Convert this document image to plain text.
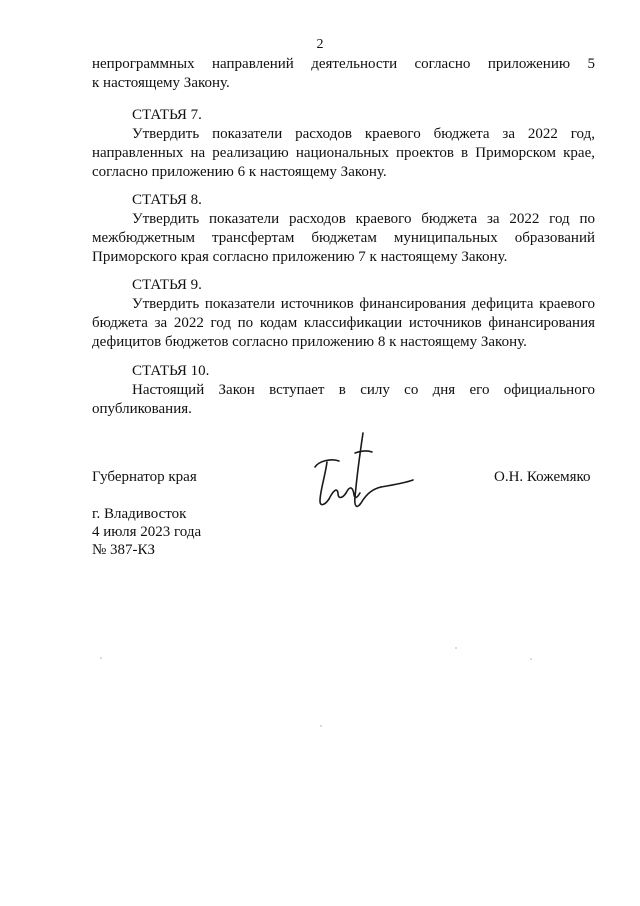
2
непрограммных направлений деятельности согласно приложению 5
к настоящему Закону.
СТАТЬЯ 7.
Утвердить показатели расходов краевого бюджета за 2022 год,
направленных на реализацию национальных проектов в Приморском крае,
согласно приложению 6 к настоящему Закону.
СТАТЬЯ 8.
Утвердить показатели расходов краевого бюджета за 2022 год по
межбюджетным трансфертам бюджетам муниципальных образований
Приморского края согласно приложению 7 к настоящему Закону.
СТАТЬЯ 9.
Утвердить показатели источников финансирования дефицита краевого
бюджета за 2022 год по кодам классификации источников финансирования
дефицитов бюджетов согласно приложению 8 к настоящему Закону.
СТАТЬЯ 10.
Настоящий Закон вступает в силу со дня его официального
опубликования.
Губернатор края	О.Н. Кожемяко
г. Владивосток
4 июля 2023 года
№ 387-КЗ
